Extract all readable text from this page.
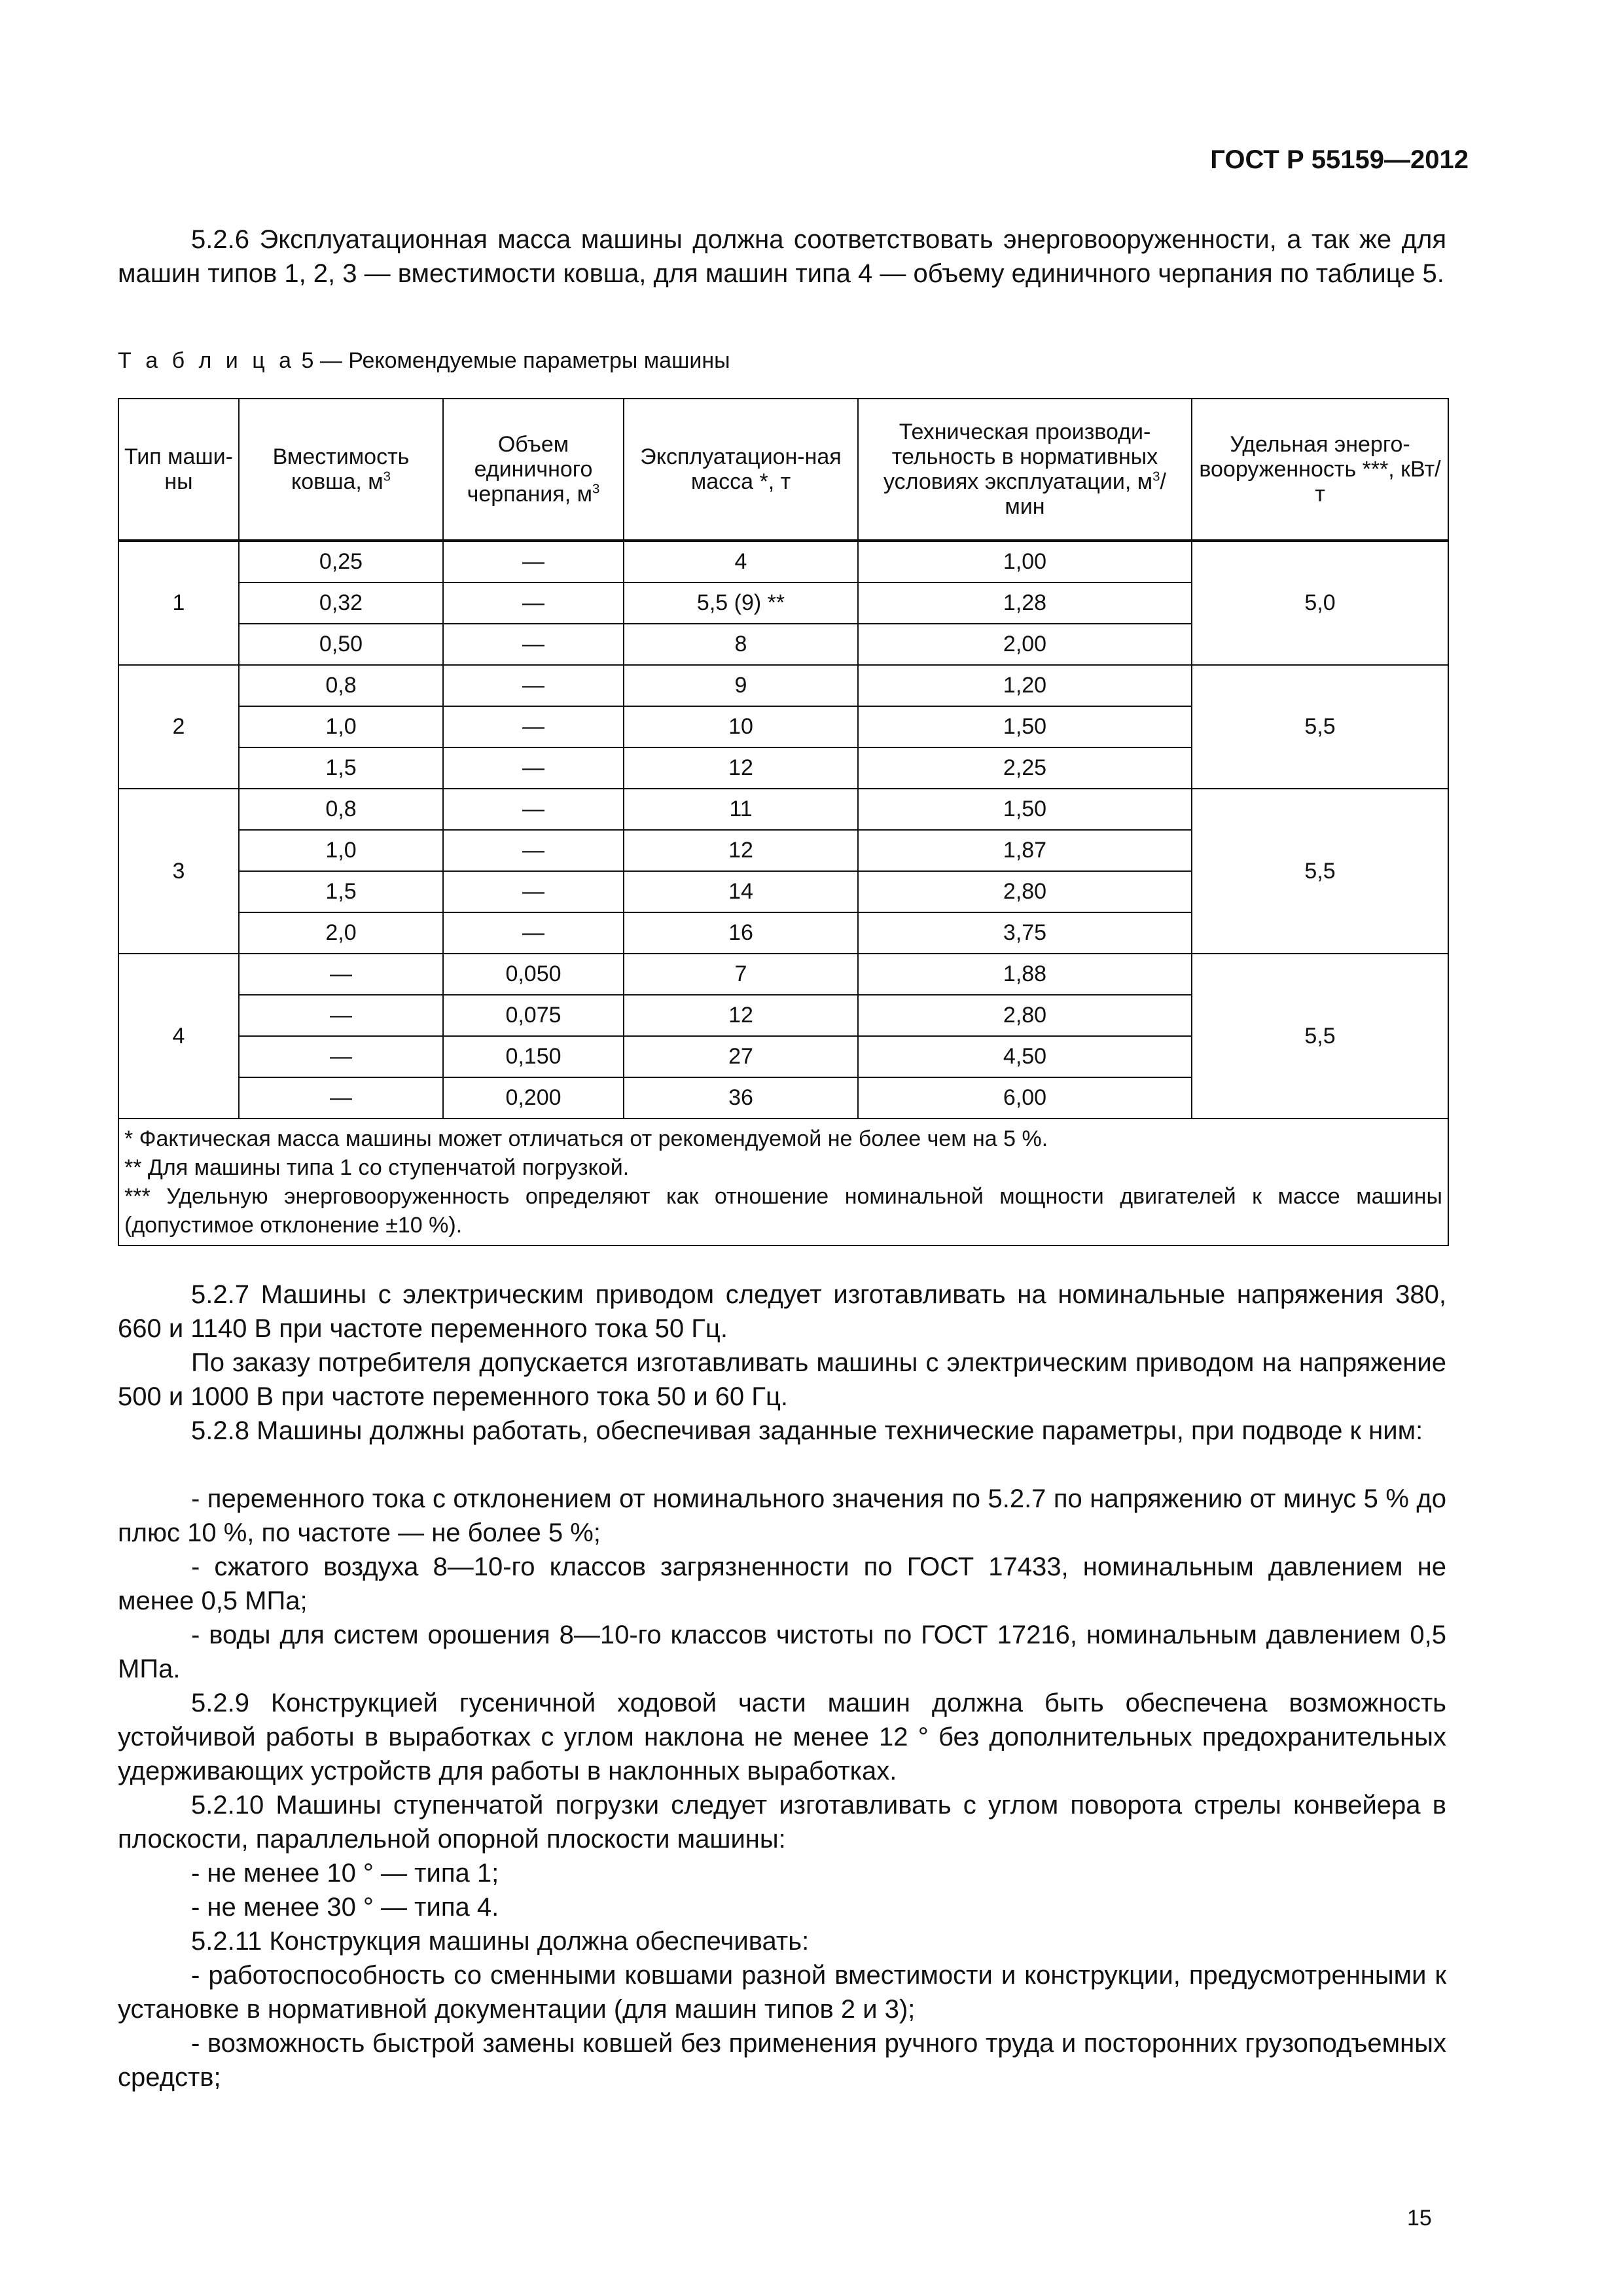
ГОСТ Р 55159—2012

5.2.6 Эксплуатационная масса машины должна соответствовать энерговооруженности, а так же для машин типов 1, 2, 3 — вместимости ковша, для машин типа 4 — объему единичного черпания по таблице 5.

Т а б л и ц а 5 — Рекомендуемые параметры машины
Тип маши-ны	Вместимость ковша, $м^3$	Объем единичного черпания, $м^3$	Эксплуатацион-ная масса *, т	Техническая производи-тельность в нормативных условиях эксплуатации, $м^3$/мин	Удельная энерго-вооруженность ***, кВт/т
1	0,25	—	4	1,00	5,0
	0,32	—	5,5 (9) **	1,28	
	0,50	—	8	2,00	
2	0,8	—	9	1,20	5,5
	1,0	—	10	1,50	
	1,5	—	12	2,25	
3	0,8	—	11	1,50	5,5
	1,0	—	12	1,87	
	1,5	—	14	2,80	
	2,0	—	16	3,75	
4	—	0,050	7	1,88	5,5
	—	0,075	12	2,80	
	—	0,150	27	4,50	
	—	0,200	36	6,00	

* Фактическая масса машины может отличаться от рекомендуемой не более чем на 5 %.
** Для машины типа 1 со ступенчатой погрузкой.
*** Удельную энерговооруженность определяют как отношение номинальной мощности двигателей к массе машины (допустимое отклонение ±10 %).					

5.2.7 Машины с электрическим приводом следует изготавливать на номинальные напряжения 380, 660 и 1140 В при частоте переменного тока 50 Гц.

По заказу потребителя допускается изготавливать машины с электрическим приводом на напряжение 500 и 1000 В при частоте переменного тока 50 и 60 Гц.

5.2.8 Машины должны работать, обеспечивая заданные технические параметры, при подводе к ним:

- переменного тока с отклонением от номинального значения по 5.2.7 по напряжению от минус 5 % до плюс 10 %, по частоте — не более 5 %;

- сжатого воздуха 8—10-го классов загрязненности по ГОСТ 17433, номинальным давлением не менее 0,5 МПа;

- воды для систем орошения 8—10-го классов чистоты по ГОСТ 17216, номинальным давлением 0,5 МПа.

5.2.9 Конструкцией гусеничной ходовой части машин должна быть обеспечена возможность устойчивой работы в выработках с углом наклона не менее 12 ° без дополнительных предохранительных удерживающих устройств для работы в наклонных выработках.

5.2.10 Машины ступенчатой погрузки следует изготавливать с углом поворота стрелы конвейера в плоскости, параллельной опорной плоскости машины:

- не менее 10 ° — типа 1;

- не менее 30 ° — типа 4.

5.2.11 Конструкция машины должна обеспечивать:

- работоспособность со сменными ковшами разной вместимости и конструкции, предусмотренными к установке в нормативной документации (для машин типов 2 и 3);

- возможность быстрой замены ковшей без применения ручного труда и посторонних грузоподъемных средств;

15
